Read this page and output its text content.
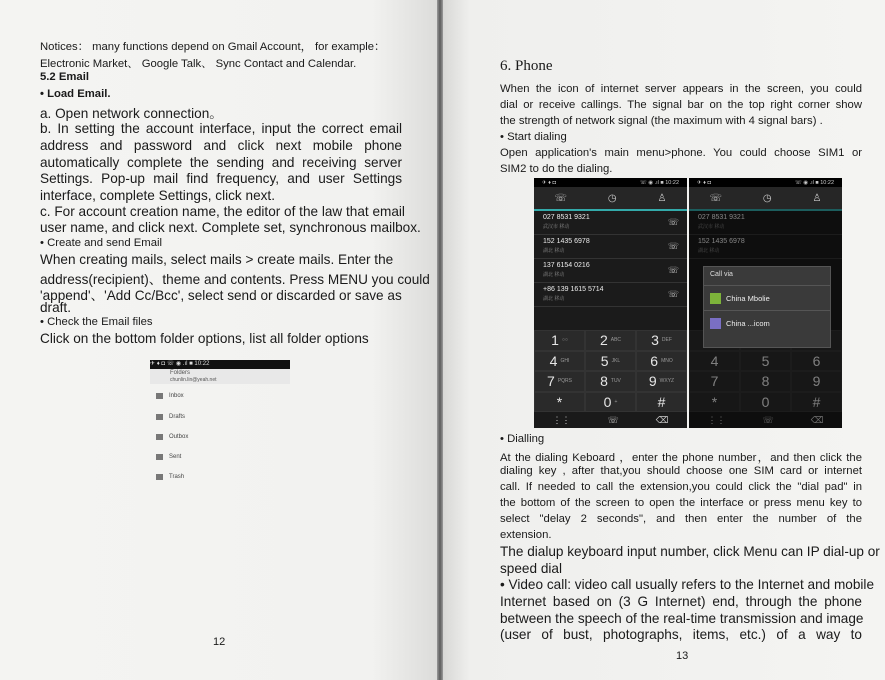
Notices： many functions depend on Gmail Account， for example：
Electronic Market、 Google Talk、 Sync Contact and Calendar.
5.2 Email
• Load Email.
a. Open network connection。
b. In setting the account interface, input the correct email
address and password and click next mobile phone
automatically complete the sending and receiving server
Settings. Pop-up mail find frequency, and user Settings
interface, complete Settings, click next.
c. For account creation name, the editor of the law that email
user name, and click next. Complete set, synchronous mailbox.
• Create and send Email
When creating mails, select mails > create mails. Enter the
address(recipient)、theme and contents. Press MENU you could
'append'、'Add Cc/Bcc', select send or discarded or save as
draft.
• Check the Email files
Click on the bottom folder options, list all folder options
✈ ♦ ◘ ☏ ◉ .ıl ■ 10:22
Folders
chunlin.lin@yeah.net
Inbox
Drafts
Outbox
Sent
Trash
12
6. Phone
When the icon of internet server appears in the screen, you could
dial or receive callings. The signal bar on the top right corner show
the strength of network signal (the maximum with 4 signal bars) .
• Start dialing
Open application's main menu>phone. You could choose SIM1 or
SIM2 to do the dialing.
✈ ♦ ◘	☏ ◉ .ıl ■ 10:22
☏	◷	♙
027 8531 9321
武汉市 移动	☏
152 1435 6978
湖北 移动	☏
137 6154 0216
湖北 移动	☏
+86 139 1615 5714
湖北 移动	☏
1 ○○ 2 ABC 3 DEF
4 GHI 5 JKL 6 MNO
7 PQRS 8 TUV 9 WXYZ
*	0 +	#
⋮⋮	☏	⌫
✈ ♦ ◘	☏ ◉ .ıl ■ 10:22
☏	◷	♙
027 8531 9321
武汉市 移动
152 1435 6978
湖北 移动
4	5	6
7	8	9
*	0	#
⋮⋮	☏	⌫
Call via
China Mbolie
China ...icom
• Dialling
At the dialing Keboard ，enter the phone number，and then click the
dialing key , after that,you should choose one SIM card or internet
call. If needed to call the extension,you could click the "dial pad" in
the bottom of the screen to open the interface or press menu key to
select "delay 2 seconds", and then enter the number of the
extension.
The dialup keyboard input number, click Menu can IP dial-up or
speed dial
• Video call: video call usually refers to the Internet and mobile
Internet based on (3 G Internet) end, through the phone
between the speech of the real-time transmission and image
(user of bust, photographs, items, etc.) of a way to
13
